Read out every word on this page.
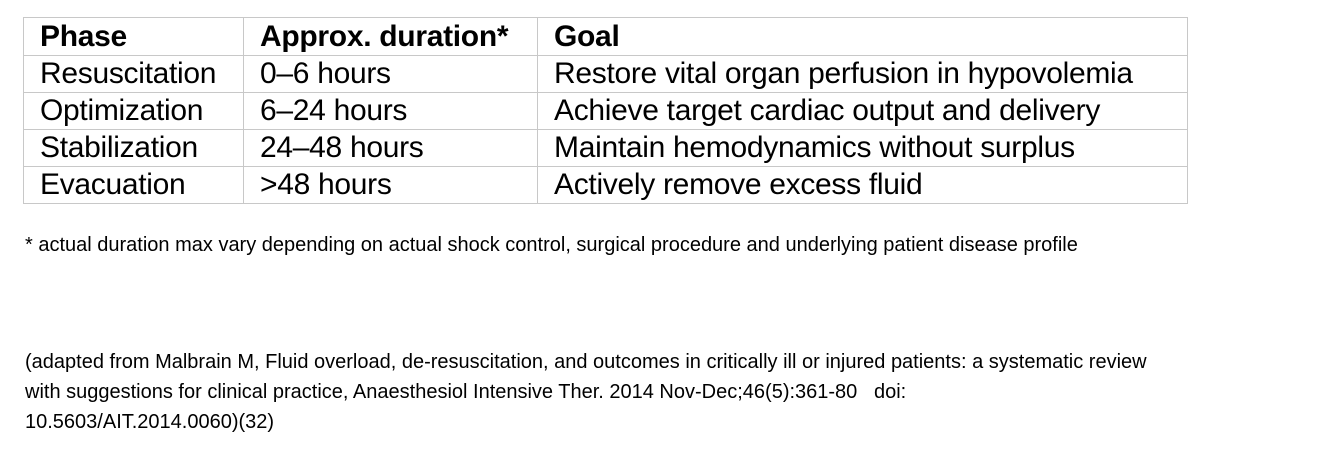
Phase	Approx. duration*	Goal
Resuscitation	0–6 hours	Restore vital organ perfusion in hypovolemia
Optimization	6–24 hours	Achieve target cardiac output and delivery
Stabilization	24–48 hours	Maintain hemodynamics without surplus
Evacuation	>48 hours	Actively remove excess fluid
* actual duration max vary depending on actual shock control, surgical procedure and underlying patient disease profile
(adapted from Malbrain M, Fluid overload, de-resuscitation, and outcomes in critically ill or injured patients: a systematic review
with suggestions for clinical practice, Anaesthesiol Intensive Ther. 2014 Nov-Dec;46(5):361-80   doi:
10.5603/AIT.2014.0060)(32)
